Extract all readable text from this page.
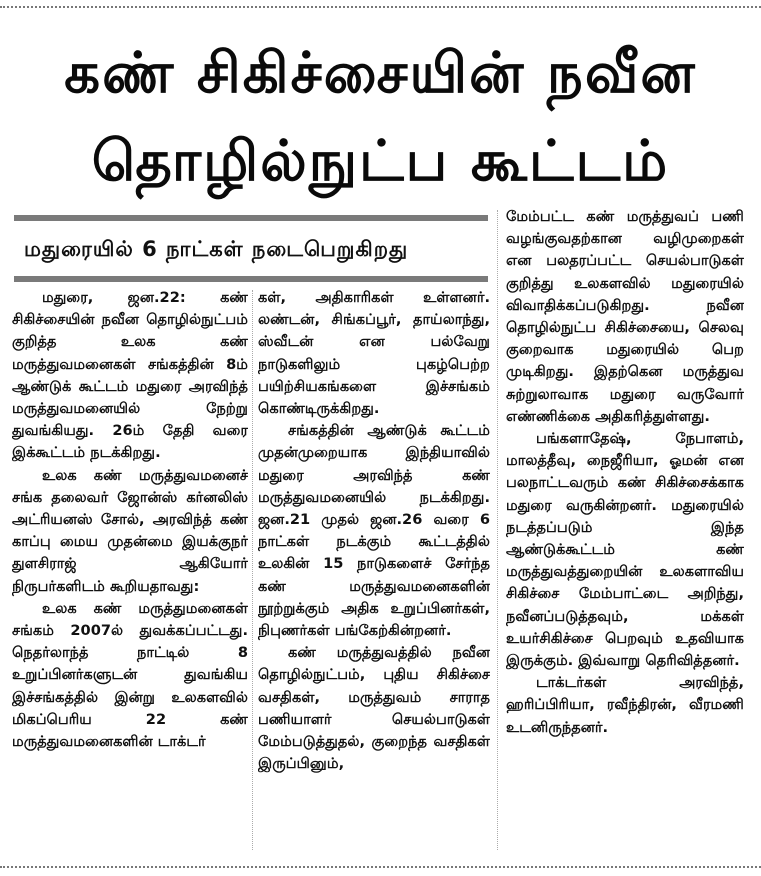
கண் சிகிச்சையின் நவீன
தொழில்நுட்ப கூட்டம்
மதுரையில் 6 நாட்கள் நடைபெறுகிறது

மதுரை, ஜன.22: கண் சிகிச்சையின் நவீன தொழில்நுட்பம் குறித்த உலக கண் மருத்துவமனைகள் சங்கத்தின் 8ம் ஆண்டுக் கூட்டம் மதுரை அரவிந்த் மருத்துவமனையில் நேற்று துவங்கியது. 26ம் தேதி வரை இக்கூட்டம் நடக்கிறது.

உலக கண் மருத்துவமனைச் சங்க தலைவர் ஜோன்ஸ் கர்னலிஸ் அட்ரியனஸ் சோல், அரவிந்த் கண் காப்பு மைய முதன்மை இயக்குநர் துளசிராஜ் ஆகியோர் நிருபர்களிடம் கூறியதாவது:

உலக கண் மருத்துமனைகள் சங்கம் 2007ல் துவக்கப்பட்டது. நெதர்லாந்த் நாட்டில் 8 உறுப்பினர்களுடன் துவங்கிய இச்சங்கத்தில் இன்று உலகளவில் மிகப்பெரிய 22 கண் மருத்துவமனைகளின் டாக்டர்

கள், அதிகாரிகள் உள்ளனர். லண்டன், சிங்கப்பூர், தாய்லாந்து, ஸ்வீடன் என பல்வேறு நாடுகளிலும் புகழ்பெற்ற பயிற்சியகங்களை இச்சங்கம் கொண்டிருக்கிறது.

சங்கத்தின் ஆண்டுக் கூட்டம் முதன்முறையாக இந்தியாவில் மதுரை அரவிந்த் கண் மருத்துவமனையில் நடக்கிறது. ஜன.21 முதல் ஜன.26 வரை 6 நாட்கள் நடக்கும் கூட்டத்தில் உலகின் 15 நாடுகளைச் சேர்ந்த கண் மருத்துவமனைகளின் நூற்றுக்கும் அதிக உறுப்பினர்கள், நிபுணர்கள் பங்கேற்கின்றனர்.

கண் மருத்துவத்தில் நவீன தொழில்நுட்பம், புதிய சிகிச்சை வசதிகள், மருத்துவம் சாராத பணியாளர் செயல்பாடுகள் மேம்படுத்துதல், குறைந்த வசதிகள் இருப்பினும்,

மேம்பட்ட கண் மருத்துவப் பணி வழங்குவதற்கான வழிமுறைகள் என பலதரப்பட்ட செயல்பாடுகள் குறித்து உலகளவில் மதுரையில் விவாதிக்கப்படுகிறது. நவீன தொழில்நுட்ப சிகிச்சையை, செலவு குறைவாக மதுரையில் பெற முடிகிறது. இதற்கென மருத்துவ சுற்றுலாவாக மதுரை வருவோர் எண்ணிக்கை அதிகரித்துள்ளது.

பங்களாதேஷ், நேபாளம், மாலத்தீவு, நைஜீரியா, ஓமன் என பலநாட்டவரும் கண் சிகிச்சைக்காக மதுரை வருகின்றனர். மதுரையில் நடத்தப்படும் இந்த ஆண்டுக்கூட்டம் கண் மருத்துவத்துறையின் உலகளாவிய சிகிச்சை மேம்பாட்டை அறிந்து, நவீனப்படுத்தவும், மக்கள் உயர்சிகிச்சை பெறவும் உதவியாக இருக்கும். இவ்வாறு தெரிவித்தனர்.

டாக்டர்கள் அரவிந்த், ஹரிப்பிரியா, ரவீந்திரன், வீரமணி உடனிருந்தனர்.
